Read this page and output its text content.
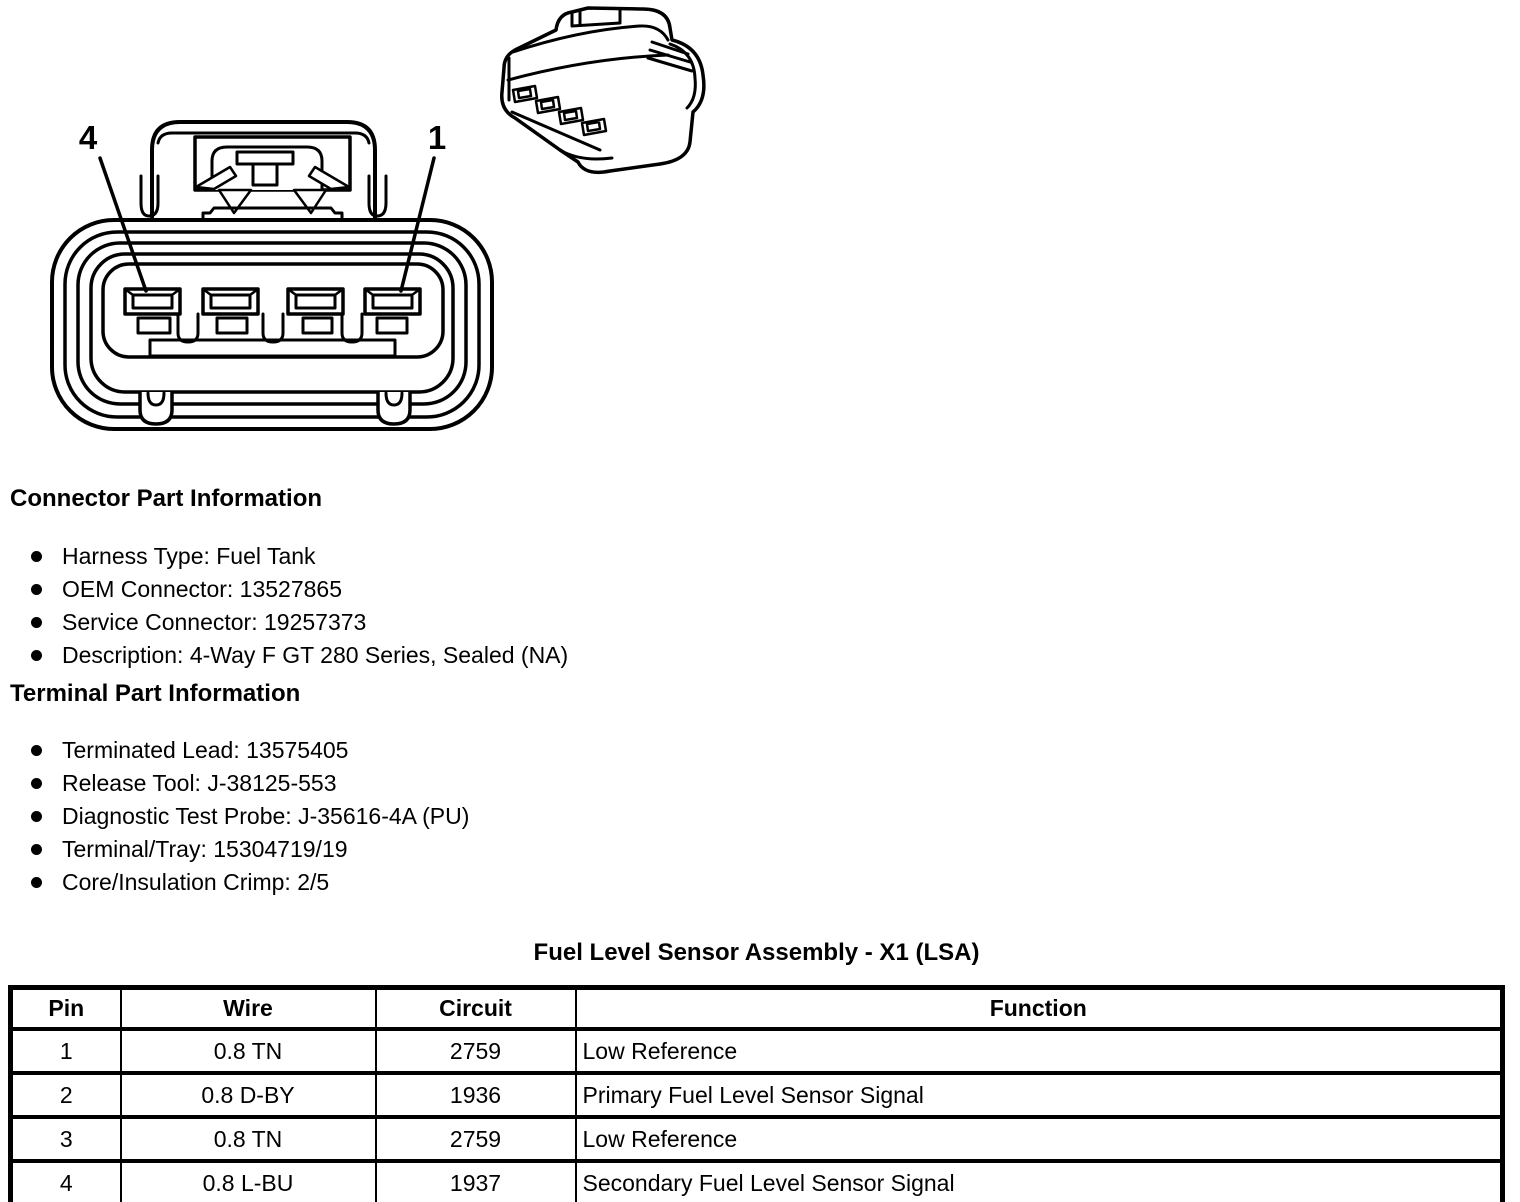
4	1
Connector Part Information
Harness Type: Fuel Tank
OEM Connector: 13527865
Service Connector: 19257373
Description: 4-Way F GT 280 Series, Sealed (NA)
Terminal Part Information
Terminated Lead: 13575405
Release Tool: J-38125-553
Diagnostic Test Probe: J-35616-4A (PU)
Terminal/Tray: 15304719/19
Core/Insulation Crimp: 2/5
Fuel Level Sensor Assembly - X1 (LSA)
Pin	Wire	Circuit	Function
1	0.8 TN	2759	Low Reference
2	0.8 D-BY	1936	Primary Fuel Level Sensor Signal
3	0.8 TN	2759	Low Reference
4	0.8 L-BU	1937	Secondary Fuel Level Sensor Signal
